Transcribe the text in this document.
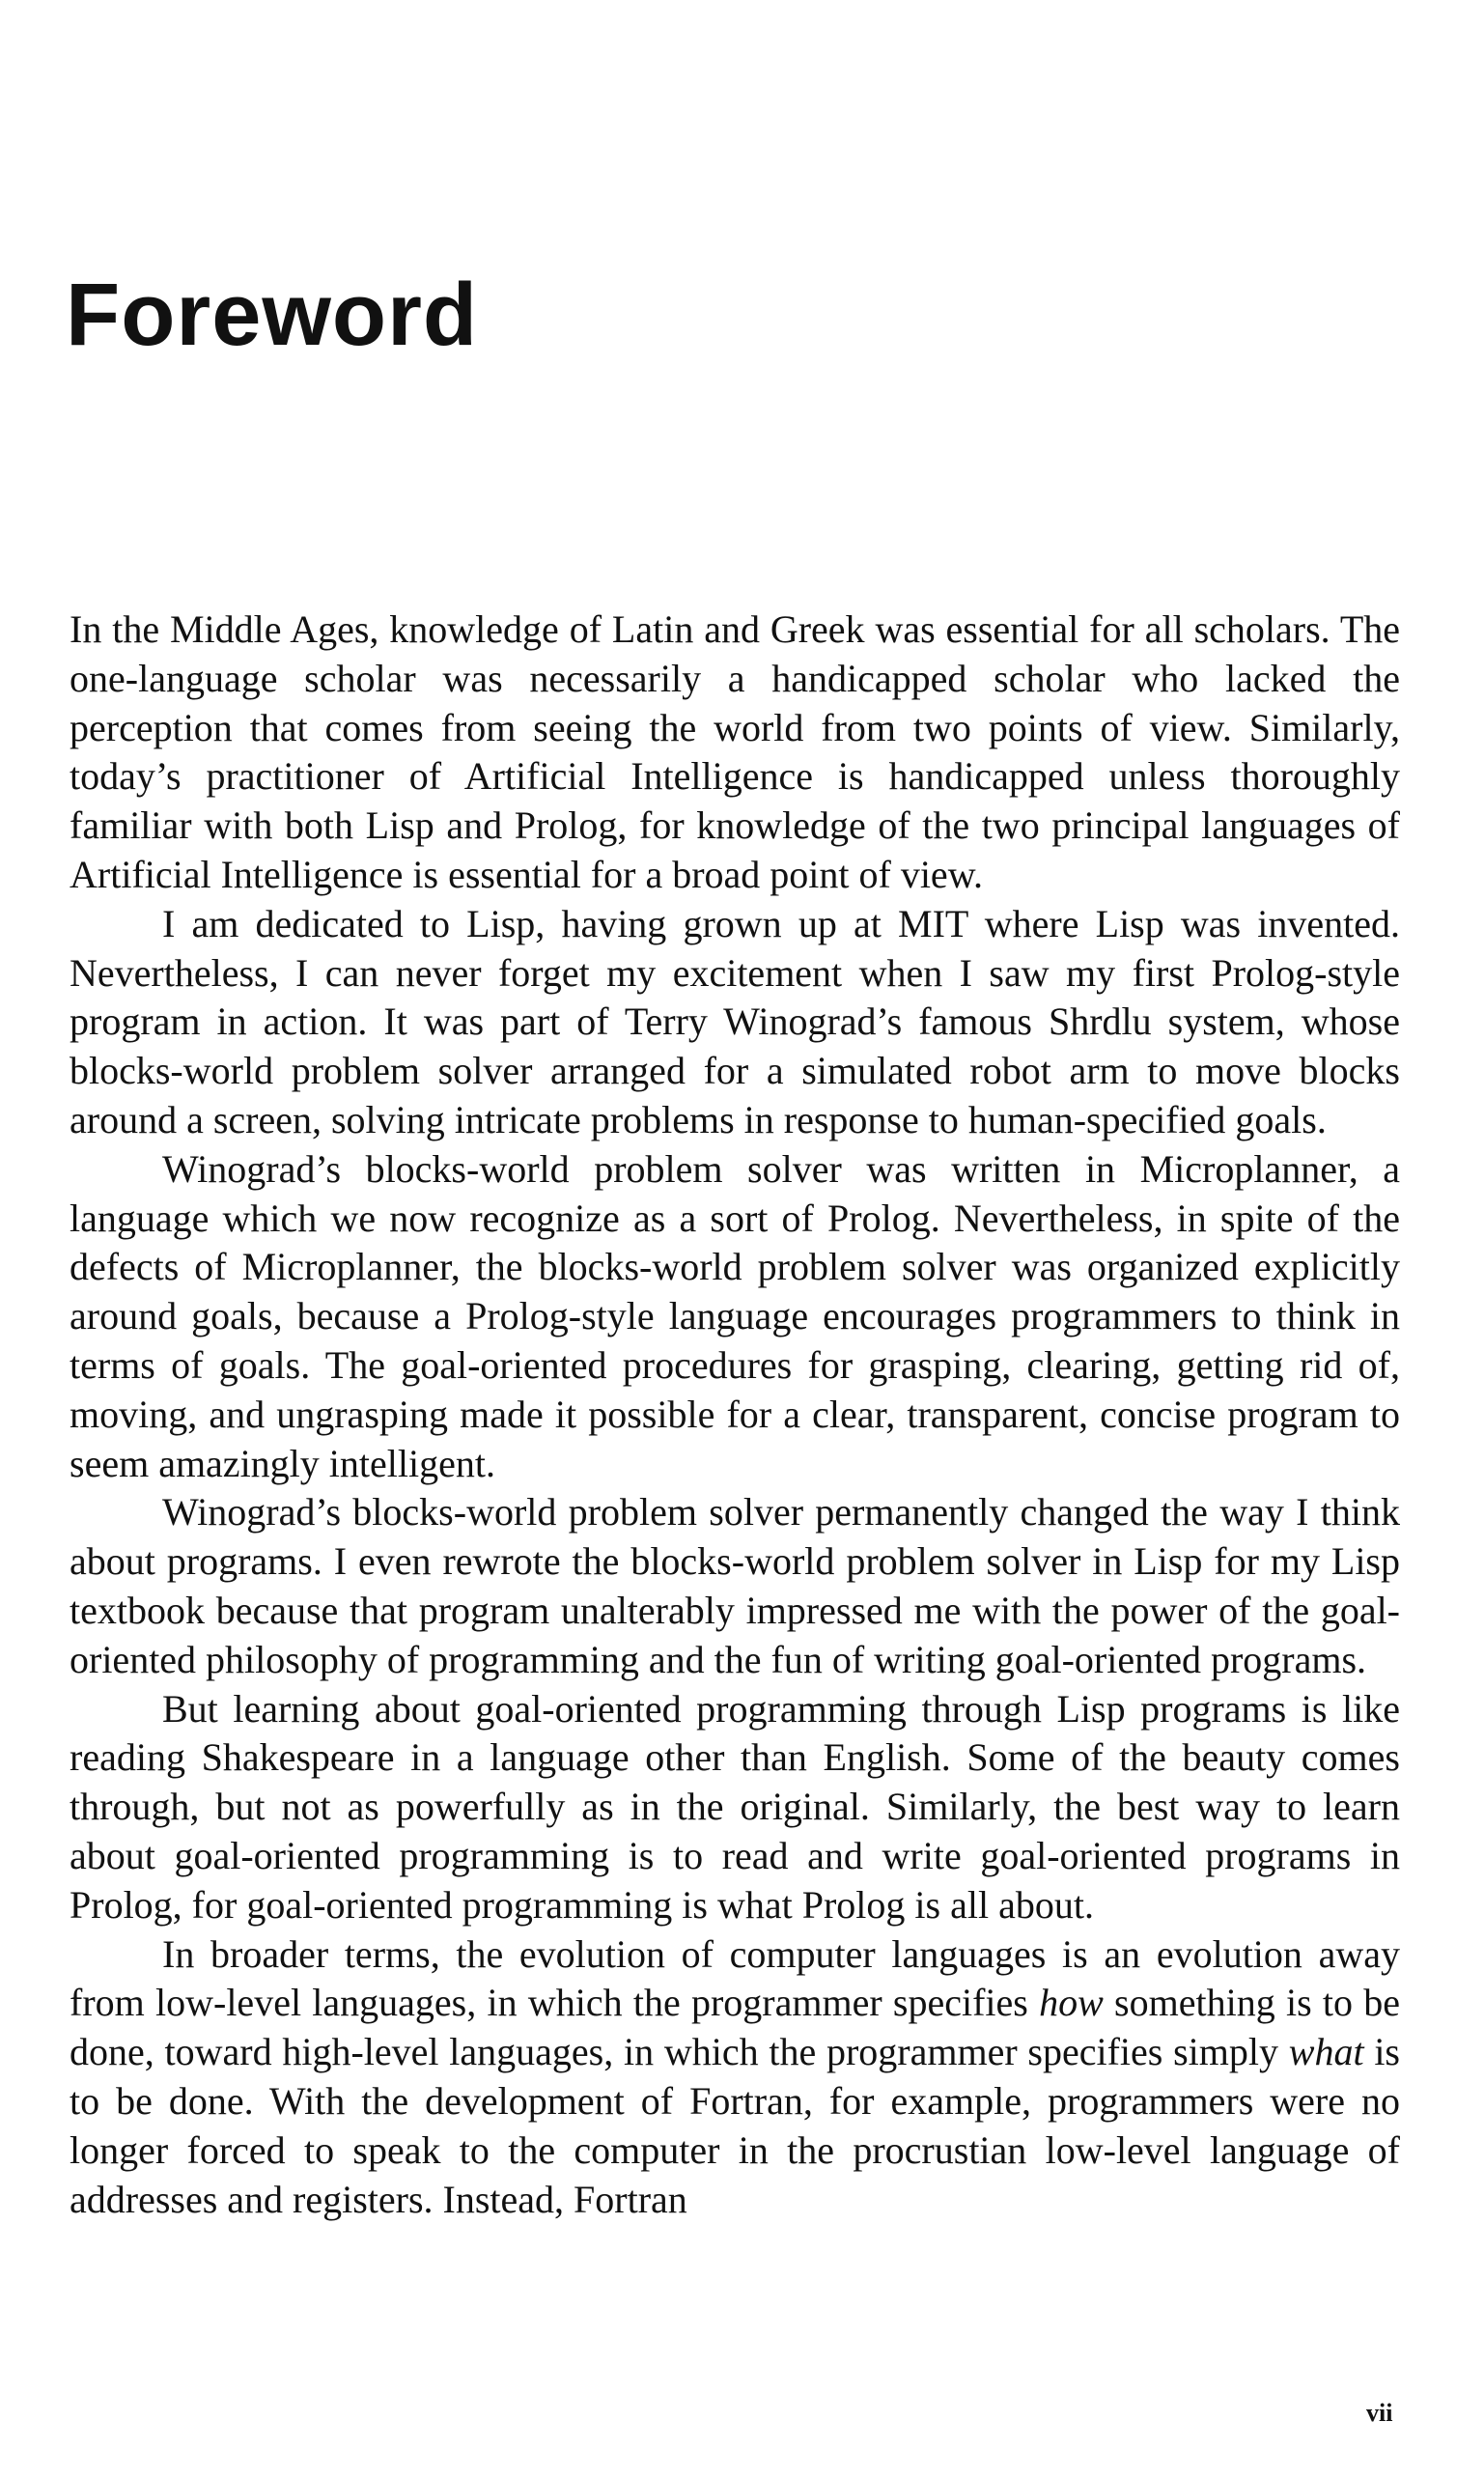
Foreword

In the Middle Ages, knowledge of Latin and Greek was essential for all scholars. The one-language scholar was necessarily a handicapped scholar who lacked the perception that comes from seeing the world from two points of view. Similarly, today’s practitioner of Artificial Intelligence is handicapped unless thoroughly familiar with both Lisp and Prolog, for knowledge of the two principal languages of Artificial Intelligence is essential for a broad point of view.

I am dedicated to Lisp, having grown up at MIT where Lisp was invented. Nevertheless, I can never forget my excitement when I saw my first Prolog-style program in action. It was part of Terry Winograd’s famous Shrdlu system, whose blocks-world problem solver arranged for a simulated robot arm to move blocks around a screen, solving intricate problems in response to human-specified goals.

Winograd’s blocks-world problem solver was written in Microplanner, a language which we now recognize as a sort of Prolog. Nevertheless, in spite of the defects of Microplanner, the blocks-world problem solver was organized explicitly around goals, because a Prolog-style language encourages programmers to think in terms of goals. The goal-oriented procedures for grasping, clearing, getting rid of, moving, and ungrasping made it possible for a clear, transparent, concise program to seem amazingly intelligent.

Winograd’s blocks-world problem solver permanently changed the way I think about programs. I even rewrote the blocks-world problem solver in Lisp for my Lisp textbook because that program unalterably impressed me with the power of the goal-oriented philosophy of programming and the fun of writing goal-oriented programs.

But learning about goal-oriented programming through Lisp programs is like reading Shakespeare in a language other than English. Some of the beauty comes through, but not as powerfully as in the original. Similarly, the best way to learn about goal-oriented programming is to read and write goal-oriented programs in Prolog, for goal-oriented programming is what Prolog is all about.

In broader terms, the evolution of computer languages is an evolution away from low-level languages, in which the programmer specifies how something is to be done, toward high-level languages, in which the programmer specifies simply what is to be done. With the development of Fortran, for example, programmers were no longer forced to speak to the computer in the procrustian low-level language of addresses and registers. Instead, Fortran

vii
